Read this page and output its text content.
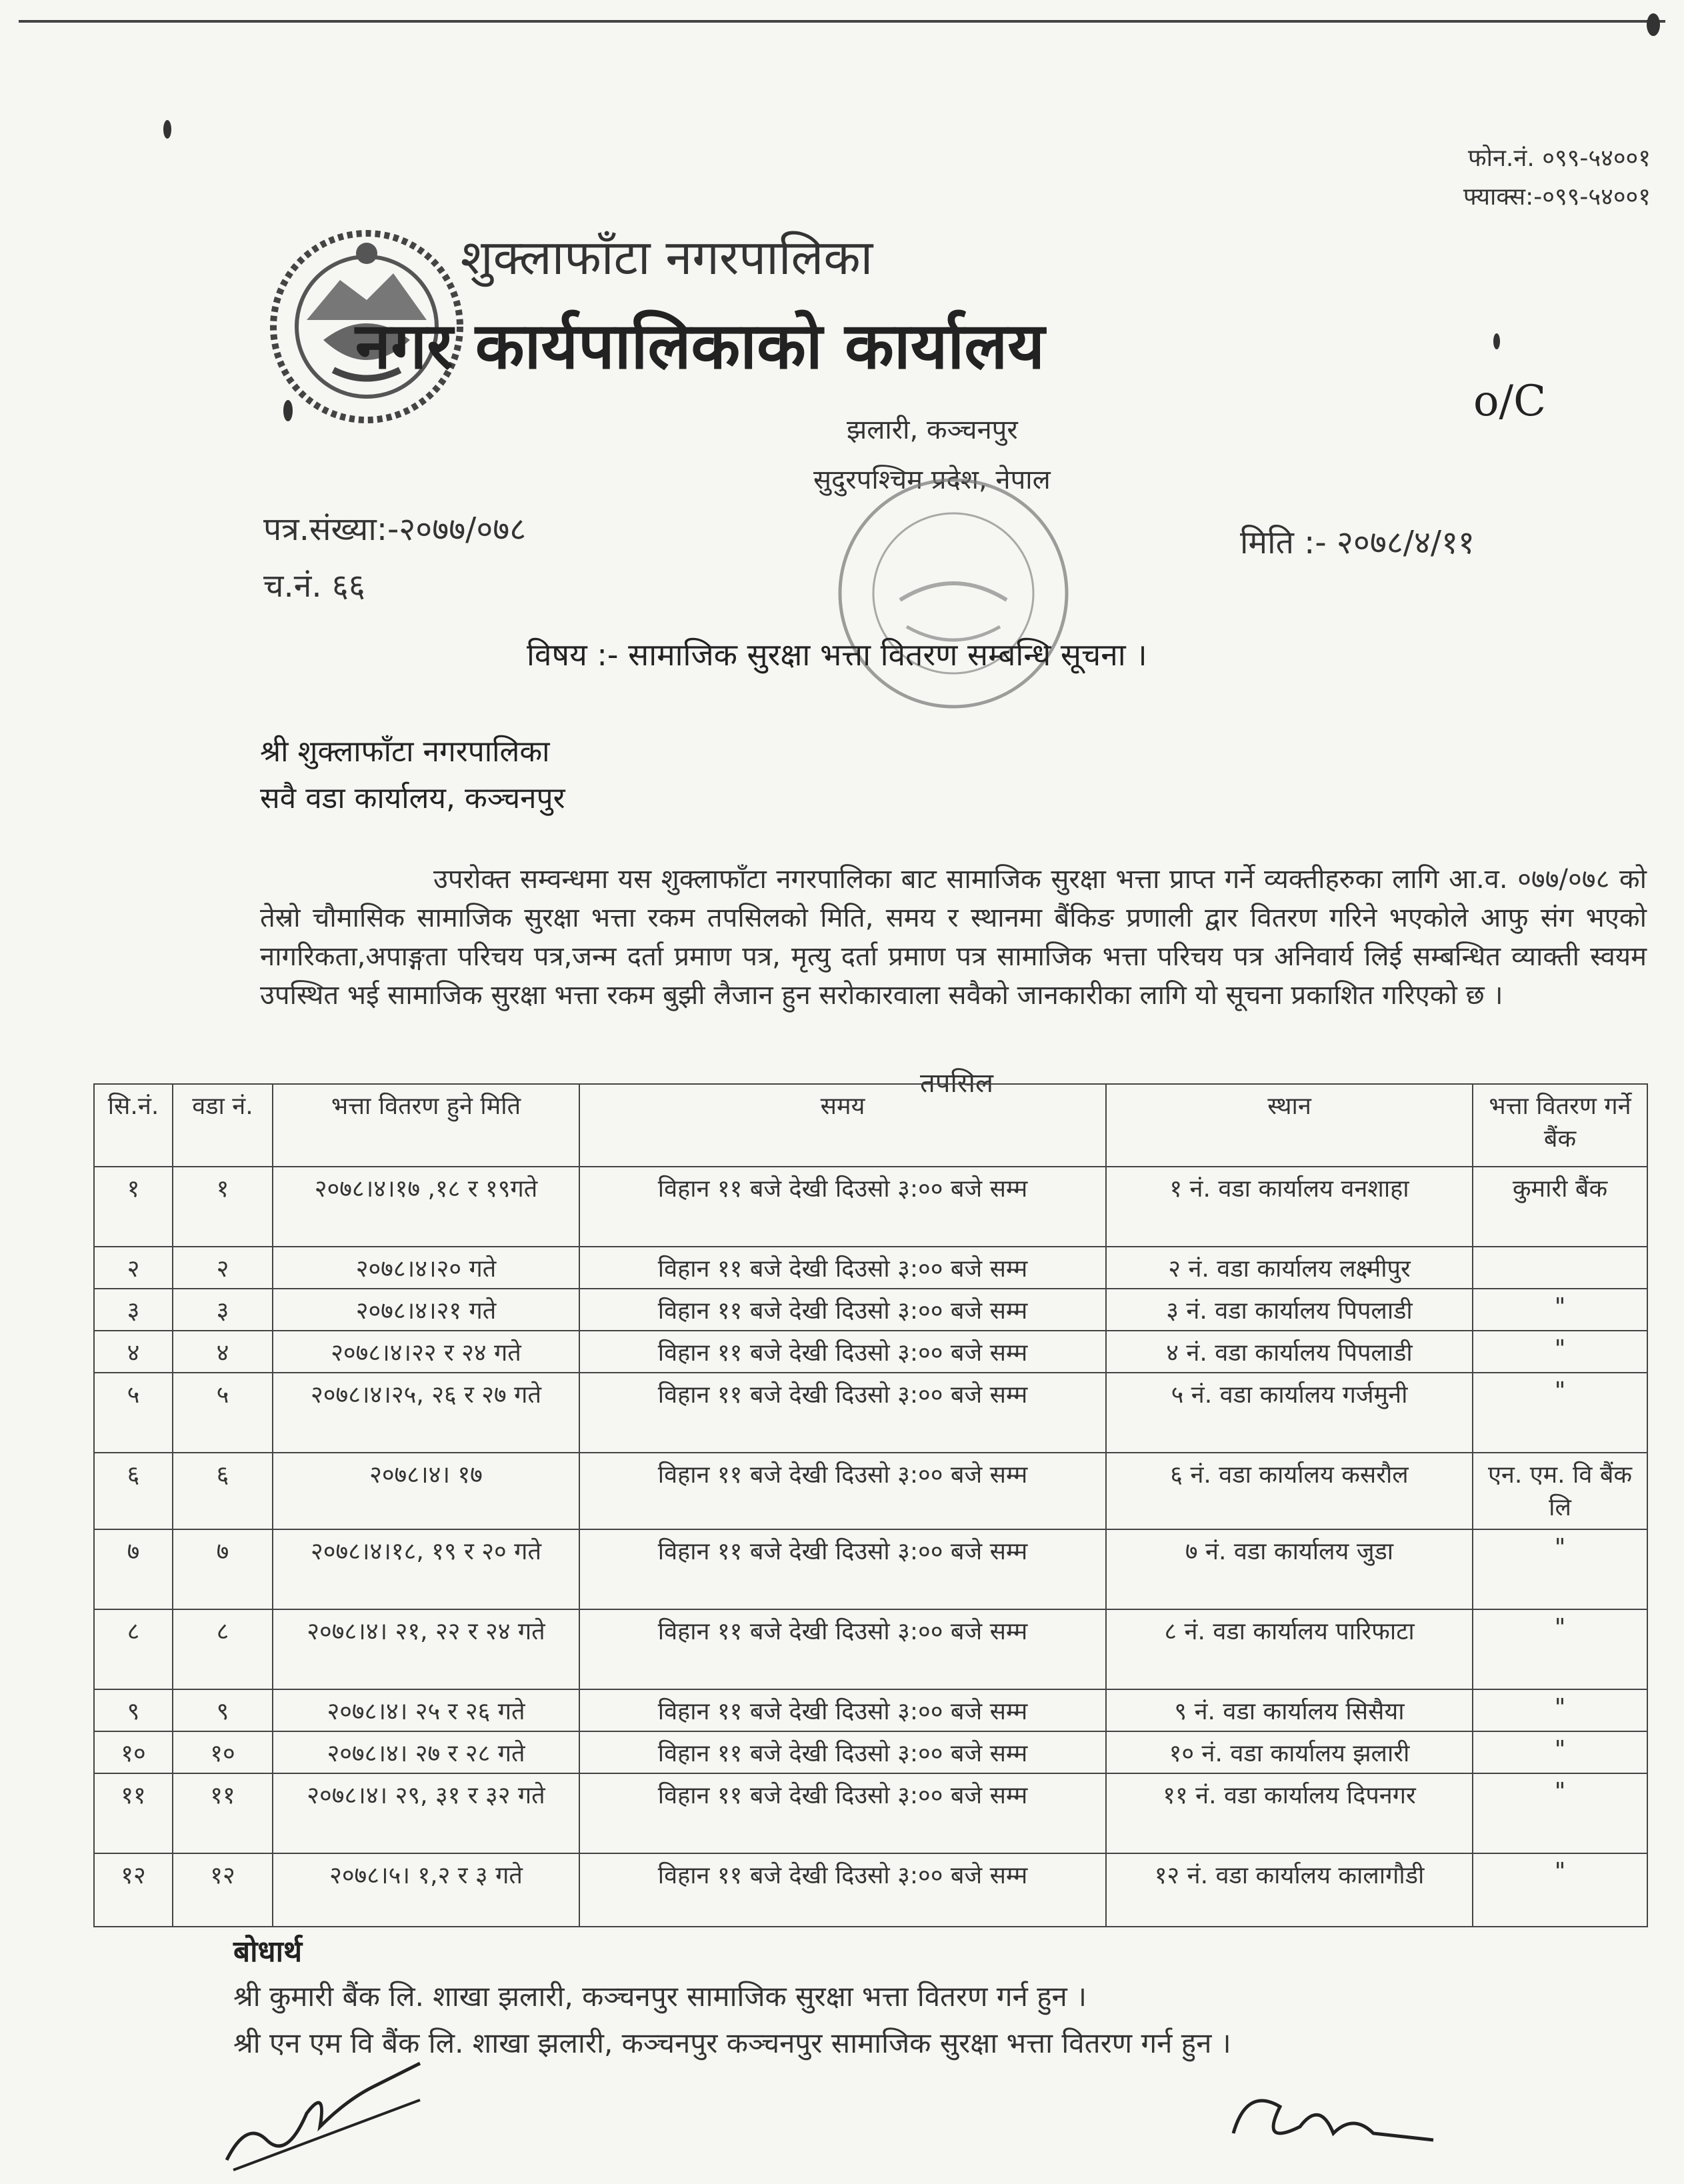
फोन.नं. ०९९-५४००१
फ्याक्स:-०९९-५४००१
शुक्लाफाँटा नगरपालिका
नगर कार्यपालिकाको कार्यालय
o/C
झलारी, कञ्चनपुर
सुदुरपश्चिम प्रदेश, नेपाल
पत्र.संख्या:-२०७७/०७८
च.नं. ६६
मिति :- २०७८/४/११
विषय :- सामाजिक सुरक्षा भत्ता वितरण सम्बन्धि सूचना ।
श्री शुक्लाफाँटा नगरपालिका
सवै वडा कार्यालय, कञ्चनपुर
उपरोक्त सम्वन्धमा यस शुक्लाफाँटा नगरपालिका बाट सामाजिक सुरक्षा भत्ता प्राप्त गर्ने व्यक्तीहरुका लागि आ.व. ०७७/०७८ को तेस्रो चौमासिक सामाजिक सुरक्षा भत्ता रकम तपसिलको मिति, समय र स्थानमा बैंकिङ प्रणाली द्वार वितरण गरिने भएकोले आफु संग भएको नागरिकता,अपाङ्गता परिचय पत्र,जन्म दर्ता प्रमाण पत्र, मृत्यु दर्ता प्रमाण पत्र सामाजिक भत्ता परिचय पत्र अनिवार्य लिई सम्बन्धित व्याक्ती स्वयम उपस्थित भई सामाजिक सुरक्षा भत्ता रकम बुझी लैजान हुन सरोकारवाला सवैको जानकारीका लागि यो सूचना प्रकाशित गरिएको छ ।
तपसिल
सि.नं.	वडा नं.	भत्ता वितरण हुने मिति	समय	स्थान	भत्ता वितरण गर्ने बैंक
१	१	२०७८।४।१७ ,१८ र १९गते	विहान ११ बजे देखी दिउसो ३:०० बजे सम्म	१ नं. वडा कार्यालय वनशाहा	कुमारी बैंक
२	२	२०७८।४।२० गते	विहान ११ बजे देखी दिउसो ३:०० बजे सम्म	२ नं. वडा कार्यालय लक्ष्मीपुर	
३	३	२०७८।४।२१ गते	विहान ११ बजे देखी दिउसो ३:०० बजे सम्म	३ नं. वडा कार्यालय पिपलाडी	"
४	४	२०७८।४।२२ र २४ गते	विहान ११ बजे देखी दिउसो ३:०० बजे सम्म	४ नं. वडा कार्यालय पिपलाडी	"
५	५	२०७८।४।२५, २६ र २७ गते	विहान ११ बजे देखी दिउसो ३:०० बजे सम्म	५ नं. वडा कार्यालय गर्जमुनी	"
६	६	२०७८।४। १७	विहान ११ बजे देखी दिउसो ३:०० बजे सम्म	६ नं. वडा कार्यालय कसरौल	एन. एम. वि बैंक लि
७	७	२०७८।४।१८, १९ र २० गते	विहान ११ बजे देखी दिउसो ३:०० बजे सम्म	७ नं. वडा कार्यालय जुडा	"
८	८	२०७८।४। २१, २२ र २४ गते	विहान ११ बजे देखी दिउसो ३:०० बजे सम्म	८ नं. वडा कार्यालय पारिफाटा	"
९	९	२०७८।४। २५ र २६ गते	विहान ११ बजे देखी दिउसो ३:०० बजे सम्म	९ नं. वडा कार्यालय सिसैया	"
१०	१०	२०७८।४। २७ र २८ गते	विहान ११ बजे देखी दिउसो ३:०० बजे सम्म	१० नं. वडा कार्यालय झलारी	"
११	११	२०७८।४। २९, ३१ र ३२ गते	विहान ११ बजे देखी दिउसो ३:०० बजे सम्म	११ नं. वडा कार्यालय दिपनगर	"
१२	१२	२०७८।५। १,२ र ३ गते	विहान ११ बजे देखी दिउसो ३:०० बजे सम्म	१२ नं. वडा कार्यालय कालागौडी	"
बोधार्थ
श्री कुमारी बैंक लि. शाखा झलारी, कञ्चनपुर सामाजिक सुरक्षा भत्ता वितरण गर्न हुन ।
श्री एन एम वि बैंक लि. शाखा झलारी, कञ्चनपुर कञ्चनपुर सामाजिक सुरक्षा भत्ता वितरण गर्न हुन ।
